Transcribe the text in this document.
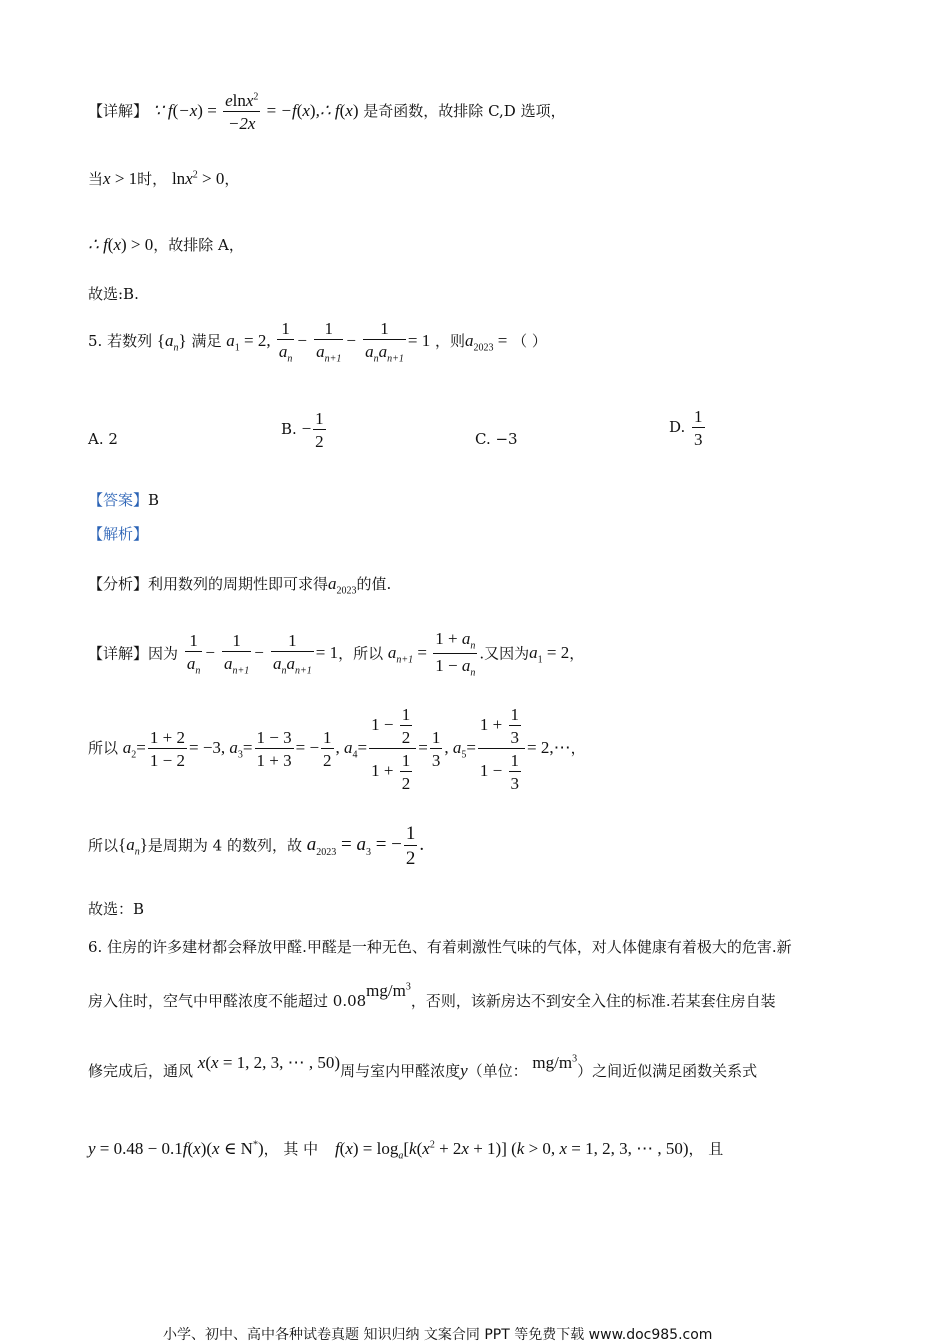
【详解】 ∵ $f(-x) = \frac{elnx^2}{-2x}$ = −f(x),∴ f(x) 是奇函数，故排除 C,D 选项，
当x > 1时， lnx$^2$ > 0，
∴ f(x) > 0，故排除 A，
故选:B.
5. 若数列 $\{a_n\}$ 满足 $a_1 = 2$, $\frac{1}{a_n} - \frac{1}{a_{n+1}} - \frac{1}{a_na_{n+1}} = 1$ ，则$a_{2023}$ = （ ）
A. 2
B. − $\frac{1}{2}$	C. −3
D. $\frac{1}{3}$
【答案】B
【解析】
【分析】利用数列的周期性即可求得$a_{2023}$的值.
【详解】因为 $\frac{1}{a_n} - \frac{1}{a_{n+1}} - \frac{1}{a_na_{n+1}} = 1$，所以 $a_{n+1} = \frac{1 + a_n}{1 - a_n}$ .又因为$a_1 = 2$，
所以 $a_2= \frac{1 + 2}{1 - 2} = -3$, $a_3= \frac{1 - 3}{1 + 3}$ = − $\frac{1}{2}$ , $a_4= \frac{1 - \frac{1}{2}}{1 + \frac{1}{2}} = \frac{1}{3}$ , $a_5= \frac{1 + \frac{1}{3}}{1 - \frac{1}{3}}$ = 2,⋯，
所以$\{a_n\}$是周期为 4 的数列，故 $a_{2023} = a_3$ = − $\frac{1}{2}$ .
故选：B
6. 住房的许多建材都会释放甲醛.甲醛是一种无色、有着刺激性气味的气体，对人体健康有着极大的危害.新
房入住时，空气中甲醛浓度不能超过 $0.08mg/m^3$，否则，该新房达不到安全入住的标准.若某套住房自装
修完成后，通风 x(x = 1, 2, 3, ⋯ , 50)周与室内甲醛浓度y（单位： $mg/m^3$）之间近似满足函数关系式
y = 0.48 − 0.1f(x)(x ∈ N*)， 其 中 $f(x) = \log_a[k(x^2 + 2x + 1)] (k > 0$, x = 1, 2, 3, ⋯ , 50)， 且
小学、初中、高中各种试卷真题 知识归纳 文案合同 PPT 等免费下载 www.doc985.com
